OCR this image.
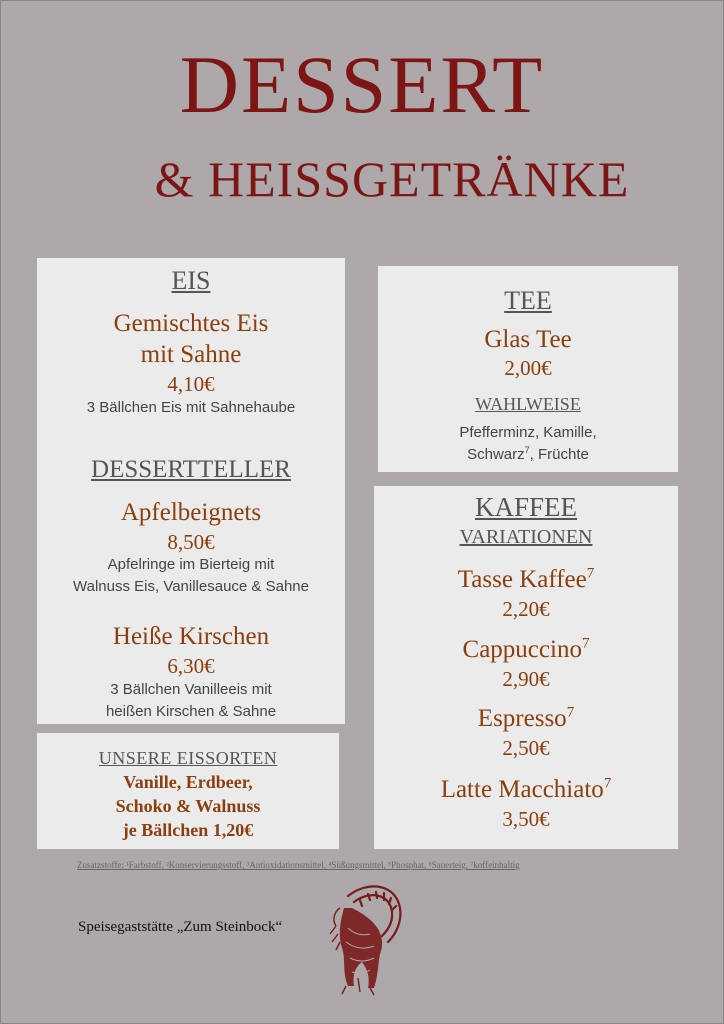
DESSERT
& HEISSGETRÄNKE
EIS
Gemischtes Eis
mit Sahne
4,10€
3 Bällchen Eis mit Sahnehaube
DESSERTTELLER
Apfelbeignets
8,50€
Apfelringe im Bierteig mit
Walnuss Eis, Vanillesauce & Sahne
Heiße Kirschen
6,30€
3 Bällchen Vanilleeis mit
heißen Kirschen & Sahne
UNSERE EISSORTEN
Vanille, Erdbeer,
Schoko & Walnuss
je Bällchen 1,20€
TEE
Glas Tee
2,00€
WAHLWEISE
Pfefferminz, Kamille,
Schwarz$^7$, Früchte
KAFFEE
VARIATIONEN
Tasse Kaffee$^7$
2,20€
Cappuccino$^7$
2,90€
Espresso$^7$
2,50€
Latte Macchiato$^7$
3,50€
Zusatzstoffe: ¹Farbstoff, ²Konservierungsstoff, ³Antioxidationsmittel, ⁴Süßungsmittel, ⁵Phosphat, ⁶Sauerteig, ⁷koffeinhaltig
Speisegaststätte „Zum Steinbock“
